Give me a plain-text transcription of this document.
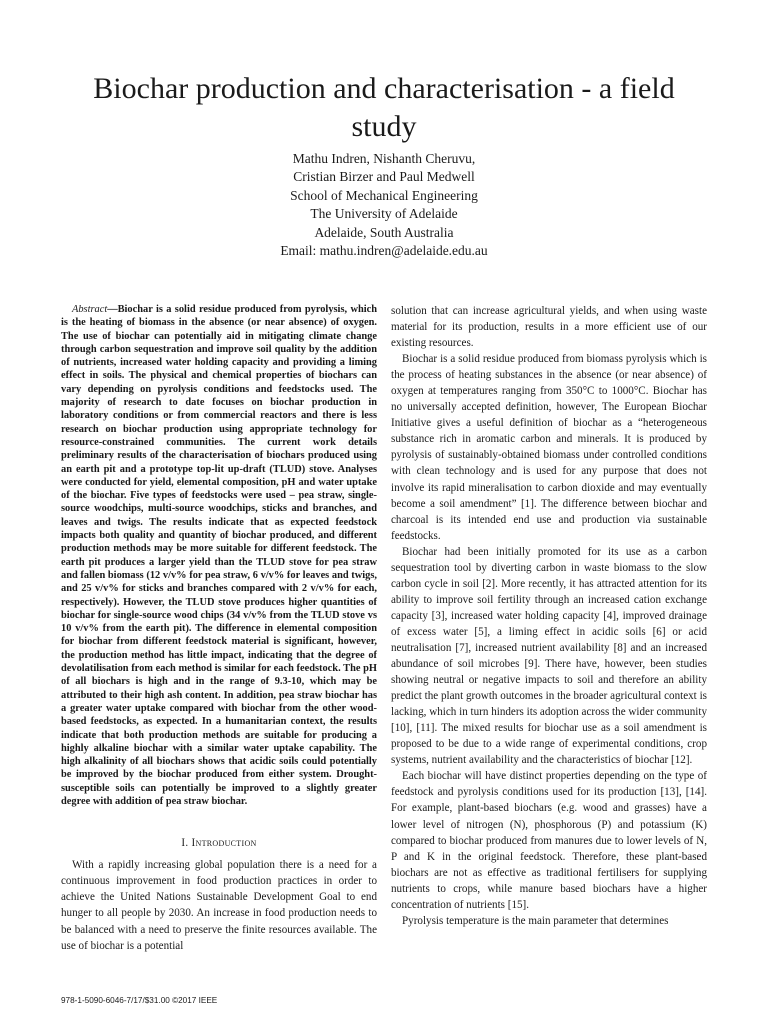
Biochar production and characterisation - a field study
Mathu Indren, Nishanth Cheruvu,
Cristian Birzer and Paul Medwell
School of Mechanical Engineering
The University of Adelaide
Adelaide, South Australia
Email: mathu.indren@adelaide.edu.au

Abstract—Biochar is a solid residue produced from pyrolysis, which is the heating of biomass in the absence (or near absence) of oxygen. The use of biochar can potentially aid in mitigating climate change through carbon sequestration and improve soil quality by the addition of nutrients, increased water holding capacity and providing a liming effect in soils. The physical and chemical properties of biochars can vary depending on pyrolysis conditions and feedstocks used. The majority of research to date focuses on biochar production in laboratory conditions or from commercial reactors and there is less research on biochar production using appropriate technology for resource-constrained communities. The current work details preliminary results of the characterisation of biochars produced using an earth pit and a prototype top-lit up-draft (TLUD) stove. Analyses were conducted for yield, elemental composition, pH and water uptake of the biochar. Five types of feedstocks were used – pea straw, single-source woodchips, multi-source woodchips, sticks and branches, and leaves and twigs. The results indicate that as expected feedstock impacts both quality and quantity of biochar produced, and different production methods may be more suitable for different feedstock. The earth pit produces a larger yield than the TLUD stove for pea straw and fallen biomass (12 v/v% for pea straw, 6 v/v% for leaves and twigs, and 25 v/v% for sticks and branches compared with 2 v/v% for each, respectively). However, the TLUD stove produces higher quantities of biochar for single-source wood chips (34 v/v% from the TLUD stove vs 10 v/v% from the earth pit). The difference in elemental composition for biochar from different feedstock material is significant, however, the production method has little impact, indicating that the degree of devolatilisation from each method is similar for each feedstock. The pH of all biochars is high and in the range of 9.3-10, which may be attributed to their high ash content. In addition, pea straw biochar has a greater water uptake compared with biochar from the other wood-based feedstocks, as expected. In a humanitarian context, the results indicate that both production methods are suitable for producing a highly alkaline biochar with a similar water uptake capability. The high alkalinity of all biochars shows that acidic soils could potentially be improved by the biochar produced from either system. Drought-susceptible soils can potentially be improved to a slightly greater degree with addition of pea straw biochar.

I. Introduction

With a rapidly increasing global population there is a need for a continuous improvement in food production practices in order to achieve the United Nations Sustainable Development Goal to end hunger to all people by 2030. An increase in food production needs to be balanced with a need to preserve the finite resources available. The use of biochar is a potential

solution that can increase agricultural yields, and when using waste material for its production, results in a more efficient use of our existing resources.

Biochar is a solid residue produced from biomass pyrolysis which is the process of heating substances in the absence (or near absence) of oxygen at temperatures ranging from 350°C to 1000°C. Biochar has no universally accepted definition, however, The European Biochar Initiative gives a useful definition of biochar as a “heterogeneous substance rich in aromatic carbon and minerals. It is produced by pyrolysis of sustainably-obtained biomass under controlled conditions with clean technology and is used for any purpose that does not involve its rapid mineralisation to carbon dioxide and may eventually become a soil amendment” [1]. The difference between biochar and charcoal is its intended end use and production via sustainable feedstocks.

Biochar had been initially promoted for its use as a carbon sequestration tool by diverting carbon in waste biomass to the slow carbon cycle in soil [2]. More recently, it has attracted attention for its ability to improve soil fertility through an increased cation exchange capacity [3], increased water holding capacity [4], improved drainage of excess water [5], a liming effect in acidic soils [6] or acid neutralisation [7], increased nutrient availability [8] and an increased abundance of soil microbes [9]. There have, however, been studies showing neutral or negative impacts to soil and therefore an ability predict the plant growth outcomes in the broader agricultural context is lacking, which in turn hinders its adoption across the wider community [10], [11]. The mixed results for biochar use as a soil amendment is proposed to be due to a wide range of experimental conditions, crop systems, nutrient availability and the characteristics of biochar [12].

Each biochar will have distinct properties depending on the type of feedstock and pyrolysis conditions used for its production [13], [14]. For example, plant-based biochars (e.g. wood and grasses) have a lower level of nitrogen (N), phosphorous (P) and potassium (K) compared to biochar produced from manures due to lower levels of N, P and K in the original feedstock. Therefore, these plant-based biochars are not as effective as traditional fertilisers for supplying nutrients to crops, while manure based biochars have a higher concentration of nutrients [15].

Pyrolysis temperature is the main parameter that determines

978-1-5090-6046-7/17/$31.00 ©2017 IEEE
